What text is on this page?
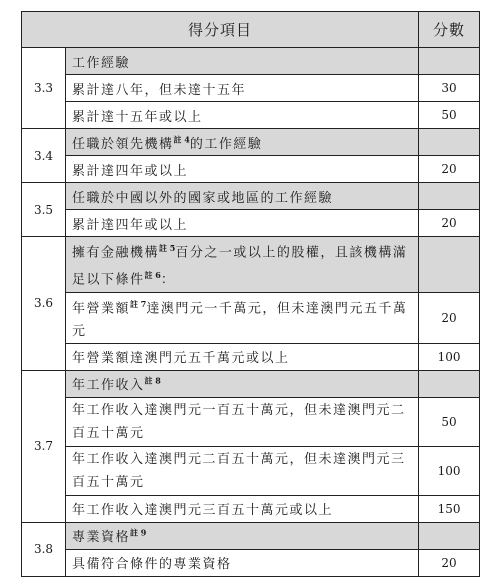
得分項目		分數
3.3	工作經驗	
	累計達八年，但未達十五年	30
	累計達十五年或以上	50
3.4	任職於領先機構$^{註 4}$的工作經驗	
	累計達四年或以上	20
3.5	任職於中國以外的國家或地區的工作經驗	
	累計達四年或以上	20
3.6	擁有金融機構$^{註 5}$百分之一或以上的股權，且該機構滿足以下條件$^{註 6}$：	
	年營業額$^{註 7}$達澳門元一千萬元，但未達澳門元五千萬元	20
	年營業額達澳門元五千萬元或以上	100
3.7	年工作收入$^{註 8}$	
	年工作收入達澳門元一百五十萬元，但未達澳門元二百五十萬元	50
	年工作收入達澳門元二百五十萬元，但未達澳門元三百五十萬元	100
	年工作收入達澳門元三百五十萬元或以上	150
3.8	專業資格$^{註 9}$	
	具備符合條件的專業資格	20
